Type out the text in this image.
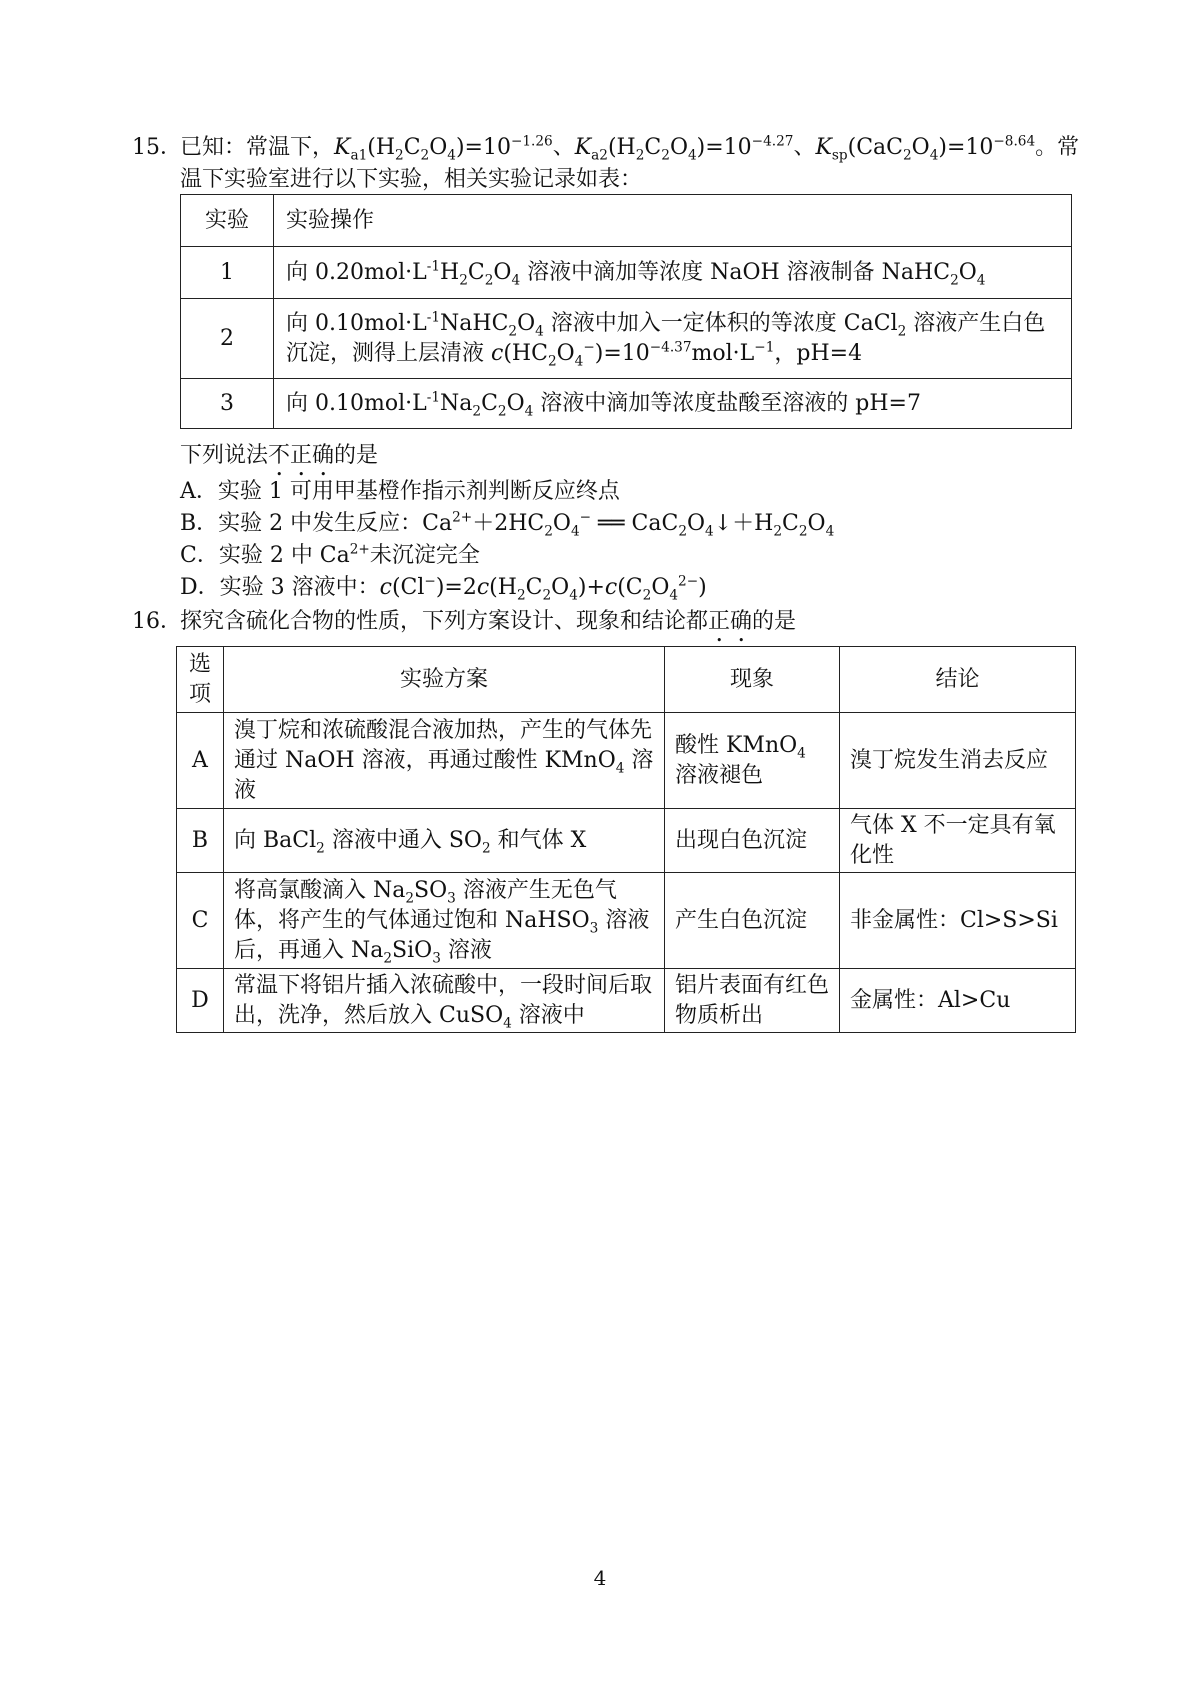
15．已知：常温下，$K_{a1}(H_2C_2O_4)=10^{-1.26}$、$K_{a2}(H_2C_2O_4)=10^{-4.27}$、$K_{sp}(CaC_2O_4)=10^{-8.64}$。常
温下实验室进行以下实验，相关实验记录如表：
实验	实验操作
1	向 $0.20mol\cdot L^{-1}H_2C_2O_4$ 溶液中滴加等浓度 NaOH 溶液制备 $NaHC_2O_4$
2	向 $0.10mol\cdot L^{-1}NaHC_2O_4$ 溶液中加入一定体积的等浓度 CaCl$_2$ 溶液产生白色
沉淀，测得上层清液 $c(HC_2O_4^-)=10^{-4.37}mol\cdot L^{-1}$，pH=4

3	向 $0.10mol\cdot L^{-1}Na_2C_2O_4$ 溶液中滴加等浓度盐酸至溶液的 pH=7
下列说法不正确的是
A．实验 1 可用甲基橙作指示剂判断反应终点
B．实验 2 中发生反应：$Ca^{2+}+2HC_2O_4^-$ ══ $CaC_2O_4↓+H_2C_2O_4$
C．实验 2 中 $Ca^{2+}$未沉淀完全
D．实验 3 溶液中：$c(Cl^-)=2c(H_2C_2O_4)+c(C_2O_4^{2-})$
16．探究含硫化合物的性质，下列方案设计、现象和结论都正确的是
选项	实验方案	现象	结论
A	溴丁烷和浓硫酸混合液加热，产生的气体先通过 NaOH 溶液，再通过酸性 KMnO$_4$ 溶液	酸性 KMnO$_4$ 溶液褪色	溴丁烷发生消去反应
B	向 BaCl$_2$ 溶液中通入 $SO_2$ 和气体 X	出现白色沉淀	气体 X 不一定具有氧化性
C	将高氯酸滴入 $Na_2SO_3$ 溶液产生无色气体，将产生的气体通过饱和 NaHSO$_3$ 溶液后，再通入 $Na_2SiO_3$ 溶液	产生白色沉淀	非金属性：Cl>S>Si
D	常温下将铝片插入浓硫酸中，一段时间后取出，洗净，然后放入 CuSO$_4$ 溶液中	铝片表面有红色物质析出	金属性：Al>Cu
4
